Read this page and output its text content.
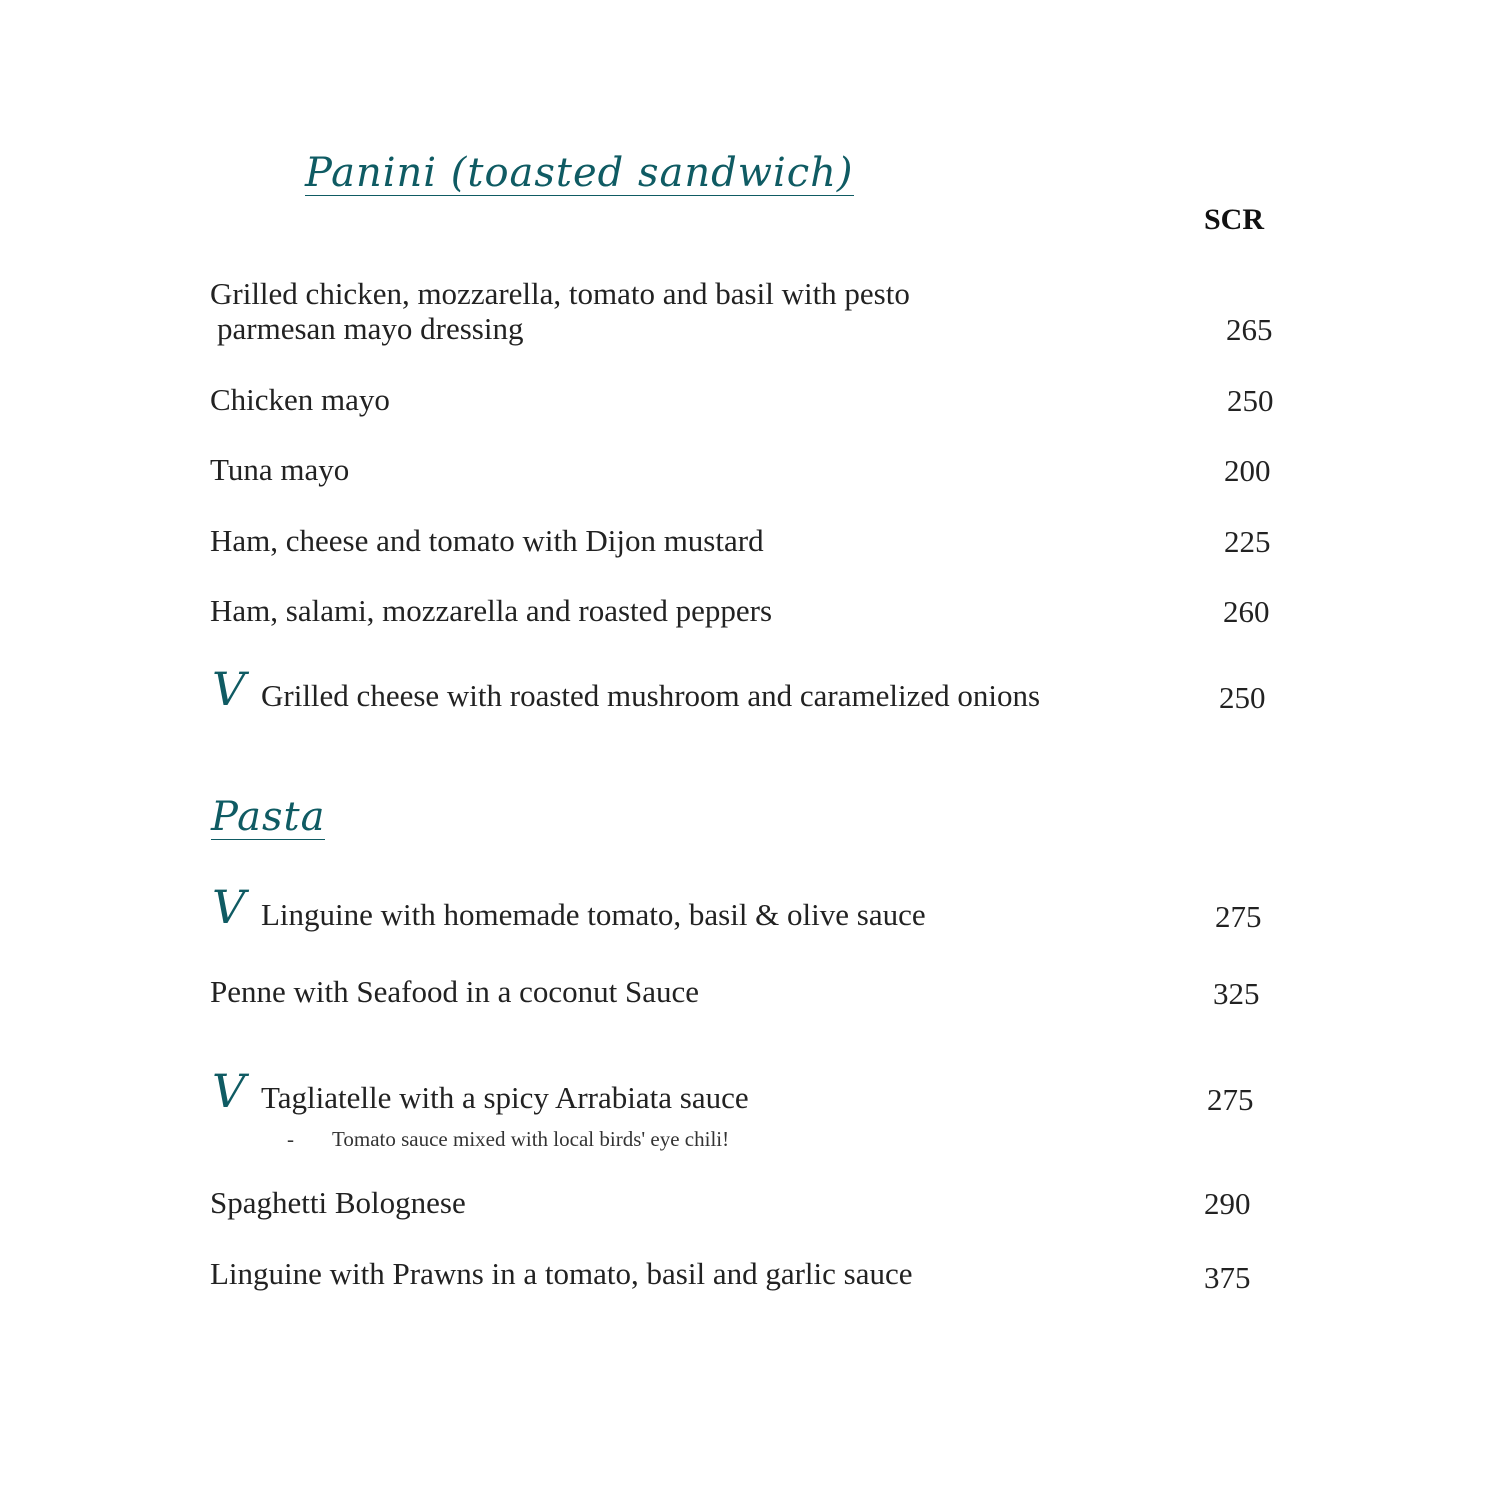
Panini (toasted sandwich)
SCR
Grilled chicken, mozzarella, tomato and basil with pesto
parmesan mayo dressing	265
Chicken mayo	250
Tuna mayo	200
Ham, cheese and tomato with Dijon mustard	225
Ham, salami, mozzarella and roasted peppers	260
V Grilled cheese with roasted mushroom and caramelized onions	250
Pasta
V Linguine with homemade tomato, basil & olive sauce	275
Penne with Seafood in a coconut Sauce	325
V Tagliatelle with a spicy Arrabiata sauce	275
- Tomato sauce mixed with local birds' eye chili!
Spaghetti Bolognese	290
Linguine with Prawns in a tomato, basil and garlic sauce	375
